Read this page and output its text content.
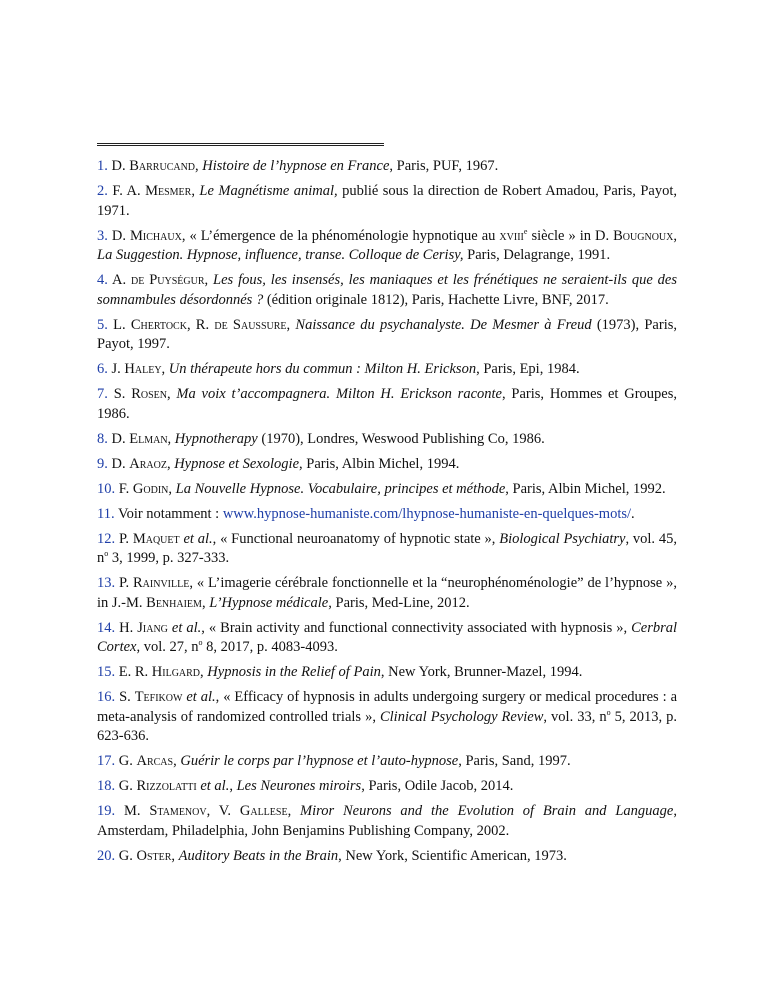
1. D. Barrucand, Histoire de l’hypnose en France, Paris, PUF, 1967.
2. F. A. Mesmer, Le Magnétisme animal, publié sous la direction de Robert Amadou, Paris, Payot, 1971.
3. D. Michaux, « L’émergence de la phénoménologie hypnotique au xviii$^e$ siècle » in D. Bougnoux, La Suggestion. Hypnose, influence, transe. Colloque de Cerisy, Paris, Delagrange, 1991.
4. A. de Puységur, Les fous, les insensés, les maniaques et les frénétiques ne seraient-ils que des somnambules désordonnés ? (édition originale 1812), Paris, Hachette Livre, BNF, 2017.
5. L. Chertock, R. de Saussure, Naissance du psychanalyste. De Mesmer à Freud (1973), Paris, Payot, 1997.
6. J. Haley, Un thérapeute hors du commun : Milton H. Erickson, Paris, Epi, 1984.
7. S. Rosen, Ma voix t’accompagnera. Milton H. Erickson raconte, Paris, Hommes et Groupes, 1986.
8. D. Elman, Hypnotherapy (1970), Londres, Weswood Publishing Co, 1986.
9. D. Araoz, Hypnose et Sexologie, Paris, Albin Michel, 1994.
10. F. Godin, La Nouvelle Hypnose. Vocabulaire, principes et méthode, Paris, Albin Michel, 1992.
11. Voir notamment : www.hypnose-humaniste.com/lhypnose-humaniste-en-quelques-mots/.
12. P. Maquet et al., « Functional neuroanatomy of hypnotic state », Biological Psychiatry, vol. 45, $n^o$ 3, 1999, p. 327-333.
13. P. Rainville, « L’imagerie cérébrale fonctionnelle et la “neurophénoménologie” de l’hypnose », in J.-M. Benhaiem, L’Hypnose médicale, Paris, Med-Line, 2012.
14. H. Jiang et al., « Brain activity and functional connectivity associated with hypnosis », Cerbral Cortex, vol. 27, $n^o$ 8, 2017, p. 4083-4093.
15. E. R. Hilgard, Hypnosis in the Relief of Pain, New York, Brunner-Mazel, 1994.
16. S. Tefikow et al., « Efficacy of hypnosis in adults undergoing surgery or medical procedures : a meta-analysis of randomized controlled trials », Clinical Psychology Review, vol. 33, $n^o$ 5, 2013, p. 623-636.
17. G. Arcas, Guérir le corps par l’hypnose et l’auto-hypnose, Paris, Sand, 1997.
18. G. Rizzolatti et al., Les Neurones miroirs, Paris, Odile Jacob, 2014.
19. M. Stamenov, V. Gallese, Miror Neurons and the Evolution of Brain and Language, Amsterdam, Philadelphia, John Benjamins Publishing Company, 2002.
20. G. Oster, Auditory Beats in the Brain, New York, Scientific American, 1973.
